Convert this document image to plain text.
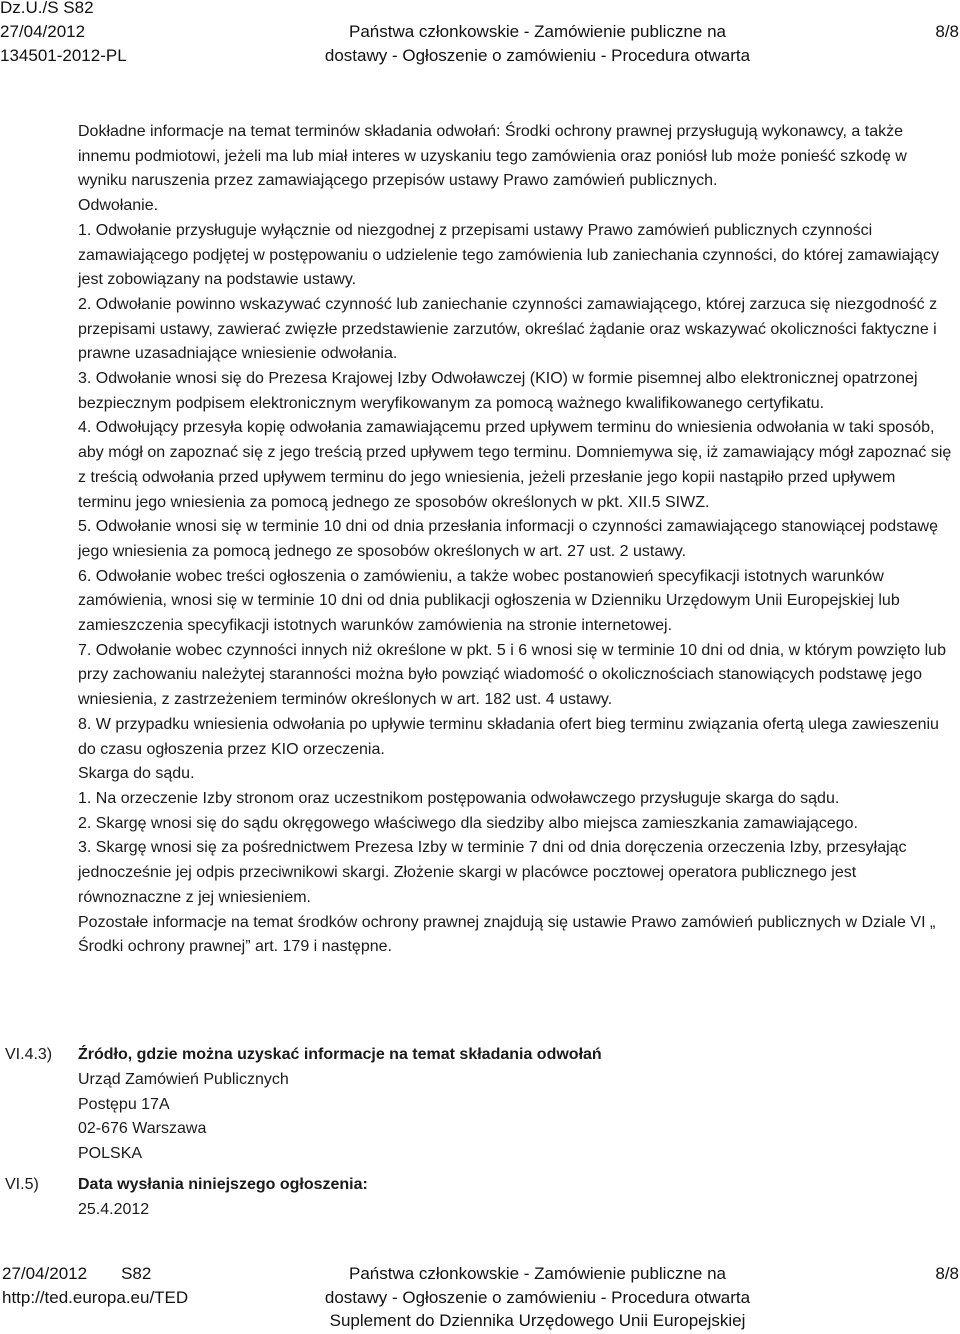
Dz.U./S S82
27/04/2012
134501-2012-PL
Państwa członkowskie - Zamówienie publiczne na
dostawy - Ogłoszenie o zamówieniu - Procedura otwarta
8/8

Dokładne informacje na temat terminów składania odwołań: Środki ochrony prawnej przysługują wykonawcy, a także innemu podmiotowi, jeżeli ma lub miał interes w uzyskaniu tego zamówienia oraz poniósł lub może ponieść szkodę w wyniku naruszenia przez zamawiającego przepisów ustawy Prawo zamówień publicznych.

Odwołanie.

1. Odwołanie przysługuje wyłącznie od niezgodnej z przepisami ustawy Prawo zamówień publicznych czynności zamawiającego podjętej w postępowaniu o udzielenie tego zamówienia lub zaniechania czynności, do której zamawiający jest zobowiązany na podstawie ustawy.

2. Odwołanie powinno wskazywać czynność lub zaniechanie czynności zamawiającego, której zarzuca się niezgodność z przepisami ustawy, zawierać zwięzłe przedstawienie zarzutów, określać żądanie oraz wskazywać okoliczności faktyczne i prawne uzasadniające wniesienie odwołania.

3. Odwołanie wnosi się do Prezesa Krajowej Izby Odwoławczej (KIO) w formie pisemnej albo elektronicznej opatrzonej bezpiecznym podpisem elektronicznym weryfikowanym za pomocą ważnego kwalifikowanego certyfikatu.

4. Odwołujący przesyła kopię odwołania zamawiającemu przed upływem terminu do wniesienia odwołania w taki sposób, aby mógł on zapoznać się z jego treścią przed upływem tego terminu. Domniemywa się, iż zamawiający mógł zapoznać się z treścią odwołania przed upływem terminu do jego wniesienia, jeżeli przesłanie jego kopii nastąpiło przed upływem terminu jego wniesienia za pomocą jednego ze sposobów określonych w pkt. XII.5 SIWZ.

5. Odwołanie wnosi się w terminie 10 dni od dnia przesłania informacji o czynności zamawiającego stanowiącej podstawę jego wniesienia za pomocą jednego ze sposobów określonych w art. 27 ust. 2 ustawy.

6. Odwołanie wobec treści ogłoszenia o zamówieniu, a także wobec postanowień specyfikacji istotnych warunków zamówienia, wnosi się w terminie 10 dni od dnia publikacji ogłoszenia w Dzienniku Urzędowym Unii Europejskiej lub zamieszczenia specyfikacji istotnych warunków zamówienia na stronie internetowej.

7. Odwołanie wobec czynności innych niż określone w pkt. 5 i 6 wnosi się w terminie 10 dni od dnia, w którym powzięto lub przy zachowaniu należytej staranności można było powziąć wiadomość o okolicznościach stanowiących podstawę jego wniesienia, z zastrzeżeniem terminów określonych w art. 182 ust. 4 ustawy.

8. W przypadku wniesienia odwołania po upływie terminu składania ofert bieg terminu związania ofertą ulega zawieszeniu do czasu ogłoszenia przez KIO orzeczenia.

Skarga do sądu.

1. Na orzeczenie Izby stronom oraz uczestnikom postępowania odwoławczego przysługuje skarga do sądu.

2. Skargę wnosi się do sądu okręgowego właściwego dla siedziby albo miejsca zamieszkania zamawiającego.

3. Skargę wnosi się za pośrednictwem Prezesa Izby w terminie 7 dni od dnia doręczenia orzeczenia Izby, przesyłając jednocześnie jej odpis przeciwnikowi skargi. Złożenie skargi w placówce pocztowej operatora publicznego jest równoznaczne z jej wniesieniem.

Pozostałe informacje na temat środków ochrony prawnej znajdują się ustawie Prawo zamówień publicznych w Dziale VI „ Środki ochrony prawnej” art. 179 i następne.

VI.4.3) Źródło, gdzie można uzyskać informacje na temat składania odwołań

Urząd Zamówień Publicznych

Postępu 17A

02-676 Warszawa

POLSKA

VI.5) Data wysłania niniejszego ogłoszenia:

25.4.2012

27/04/2012 S82
http://ted.europa.eu/TED
Państwa członkowskie - Zamówienie publiczne na
dostawy - Ogłoszenie o zamówieniu - Procedura otwarta
Suplement do Dziennika Urzędowego Unii Europejskiej
8/8
